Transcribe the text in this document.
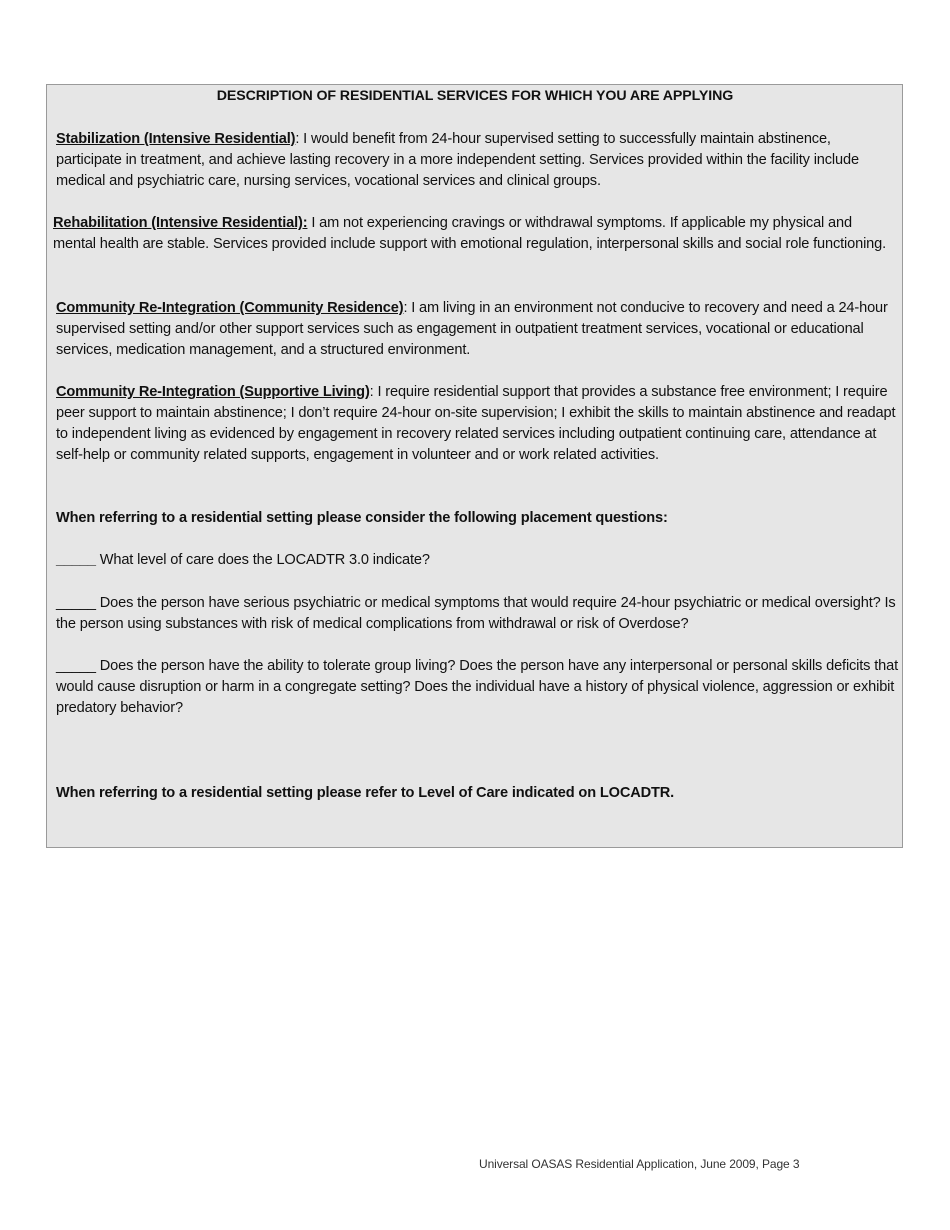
DESCRIPTION OF RESIDENTIAL SERVICES FOR WHICH YOU ARE APPLYING

Stabilization (Intensive Residential): I would benefit from 24-hour supervised setting to successfully maintain abstinence, participate in treatment, and achieve lasting recovery in a more independent setting. Services provided within the facility include medical and psychiatric care, nursing services, vocational services and clinical groups.

Rehabilitation (Intensive Residential): I am not experiencing cravings or withdrawal symptoms. If applicable my physical and mental health are stable. Services provided include support with emotional regulation, interpersonal skills and social role functioning.

Community Re-Integration (Community Residence): I am living in an environment not conducive to recovery and need a 24-hour supervised setting and/or other support services such as engagement in outpatient treatment services, vocational or educational services, medication management, and a structured environment.

Community Re-Integration (Supportive Living): I require residential support that provides a substance free environment; I require peer support to maintain abstinence; I don’t require 24-hour on-site supervision; I exhibit the skills to maintain abstinence and readapt to independent living as evidenced by engagement in recovery related services including outpatient continuing care, attendance at self-help or community related supports, engagement in volunteer and or work related activities.

When referring to a residential setting please consider the following placement questions:

_____ What level of care does the LOCADTR 3.0 indicate?

_____ Does the person have serious psychiatric or medical symptoms that would require 24-hour psychiatric or medical oversight? Is the person using substances with risk of medical complications from withdrawal or risk of Overdose?

_____ Does the person have the ability to tolerate group living? Does the person have any interpersonal or personal skills deficits that would cause disruption or harm in a congregate setting? Does the individual have a history of physical violence, aggression or exhibit predatory behavior?

When referring to a residential setting please refer to Level of Care indicated on LOCADTR.

Universal OASAS Residential Application, June 2009, Page 3
